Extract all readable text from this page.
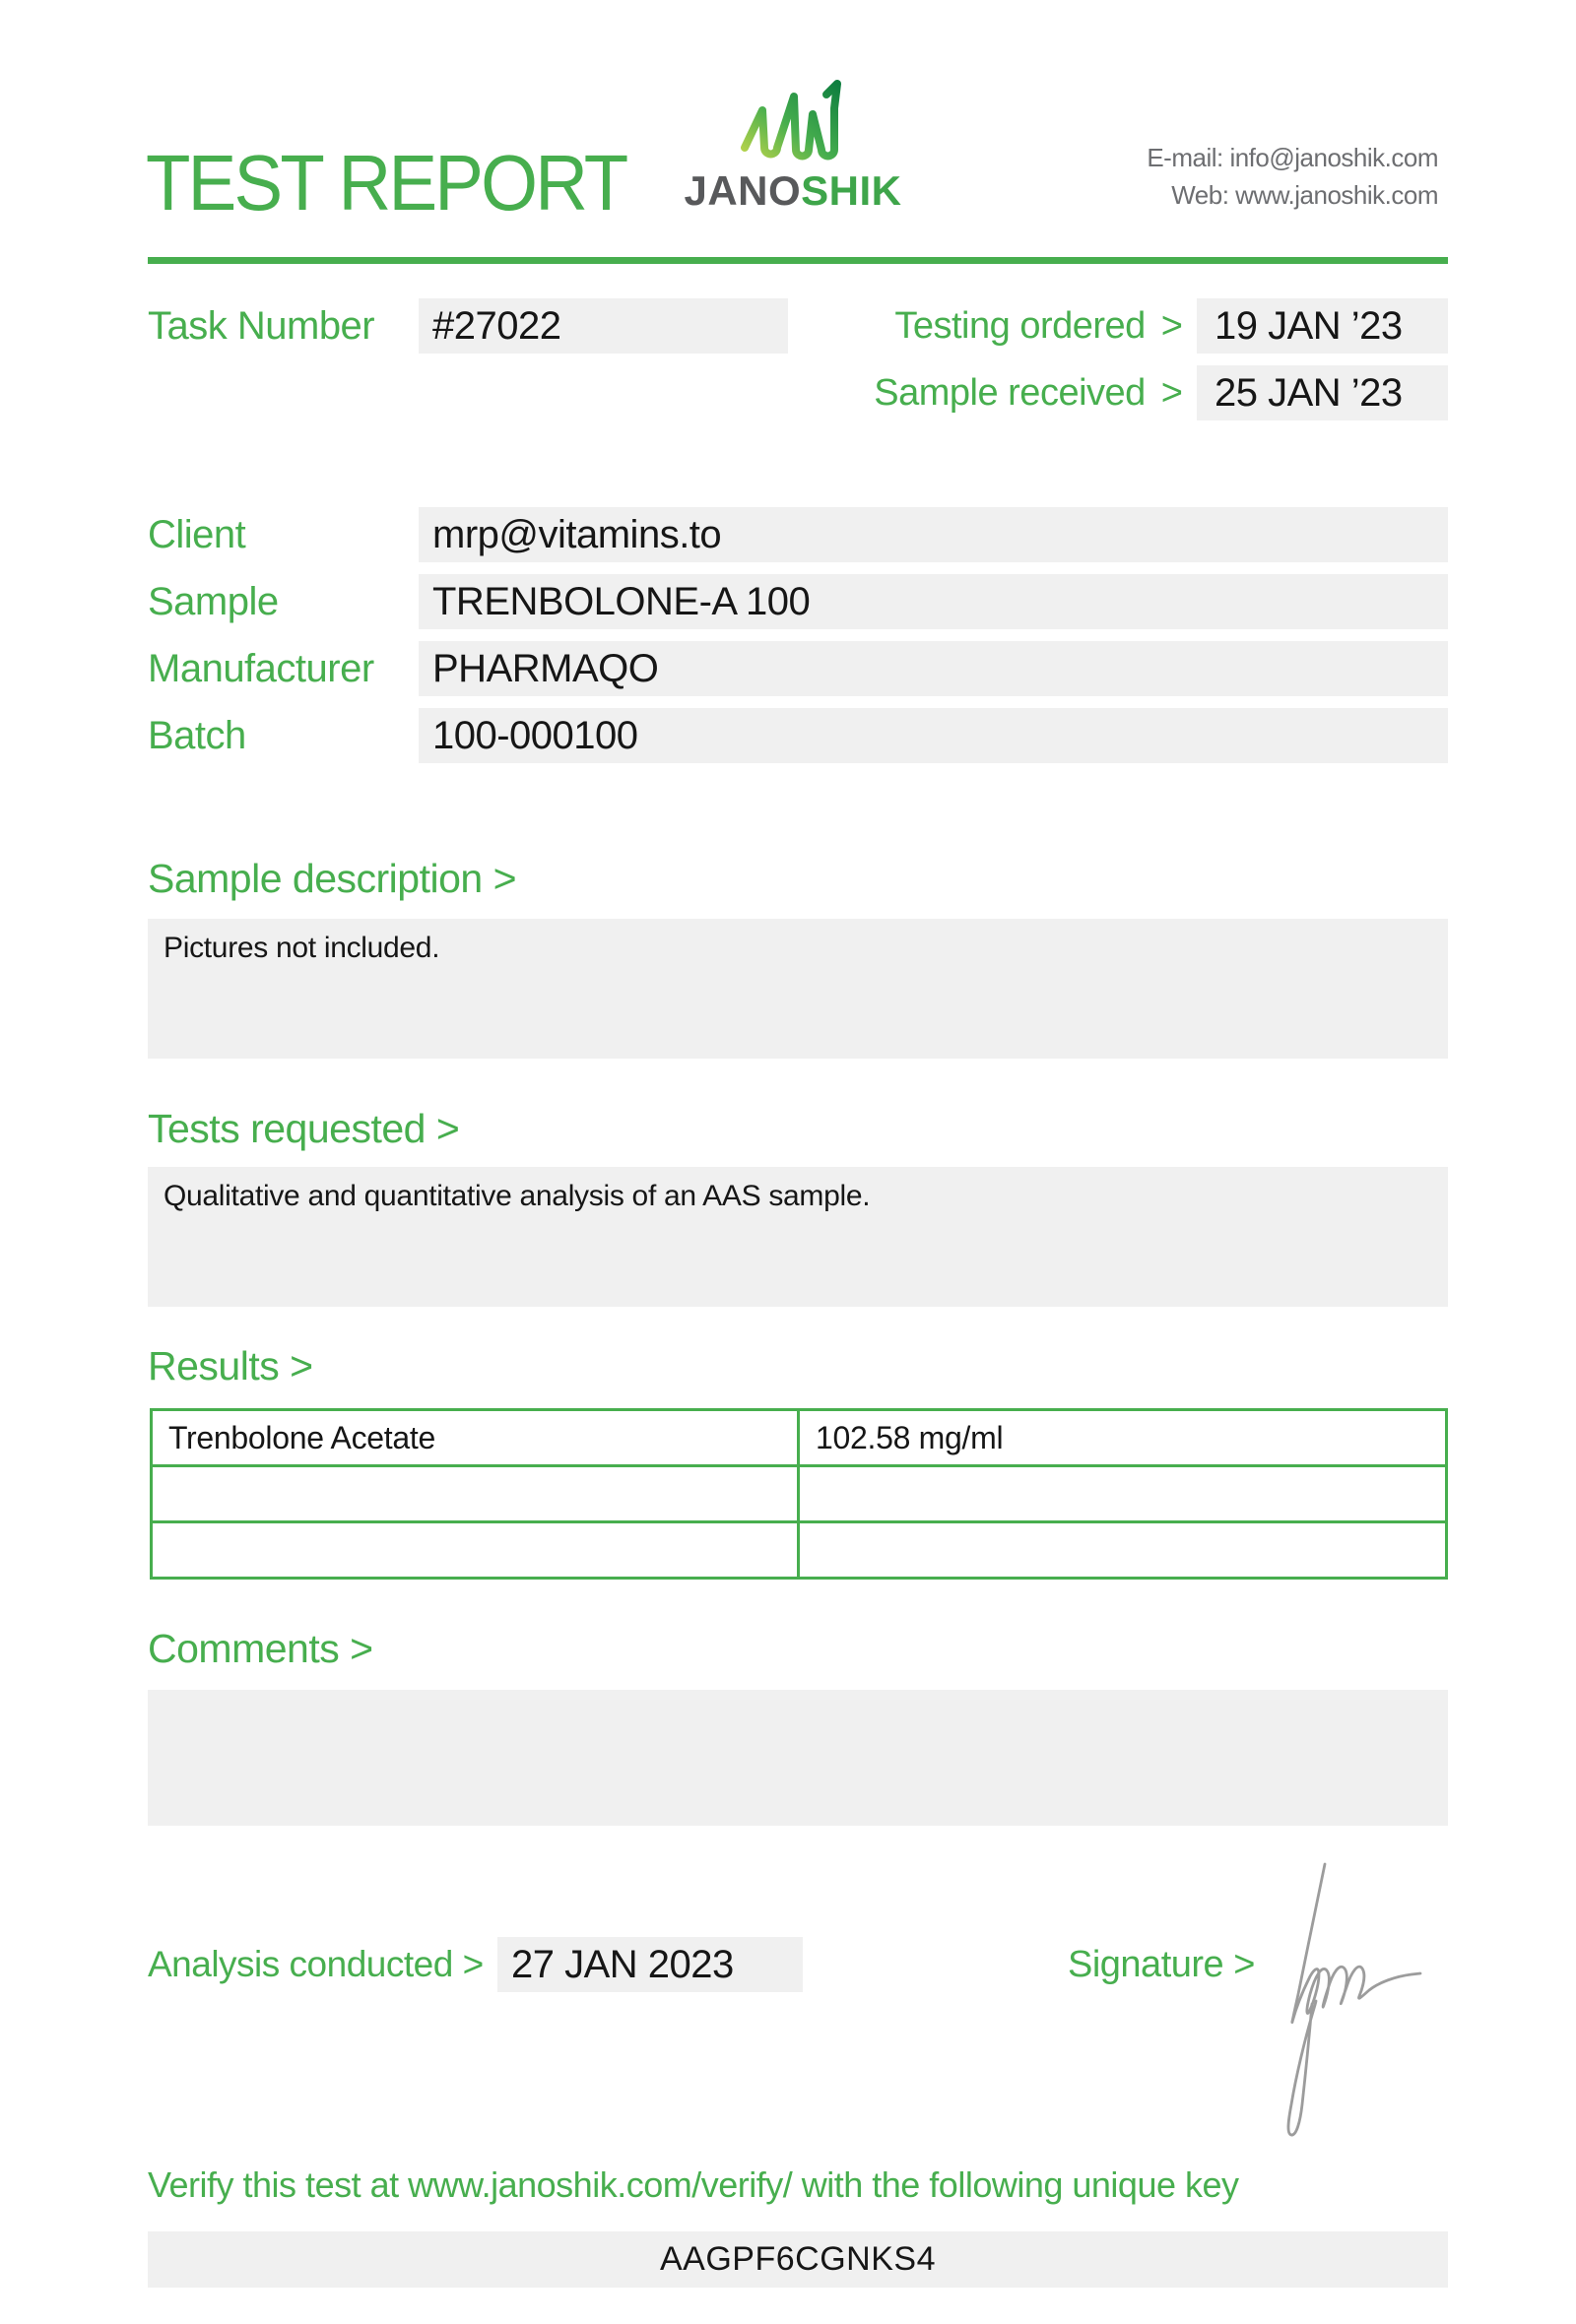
TEST REPORT JANOSHIK
E-mail: info@janoshik.com
Web: www.janoshik.com
Task Number	#27022	Testing ordered > 19 JAN ’23
Sample received > 25 JAN ’23
Client	mrp@vitamins.to
Sample	TRENBOLONE-A 100
Manufacturer	PHARMAQO
Batch	100-000100
Sample description >
Pictures not included.
Tests requested >
Qualitative and quantitative analysis of an AAS sample.
Results >
Trenbolone Acetate	102.58 mg/ml

Comments >
Analysis conducted > 27 JAN 2023	Signature >
Verify this test at www.janoshik.com/verify/ with the following unique key
AAGPF6CGNKS4
